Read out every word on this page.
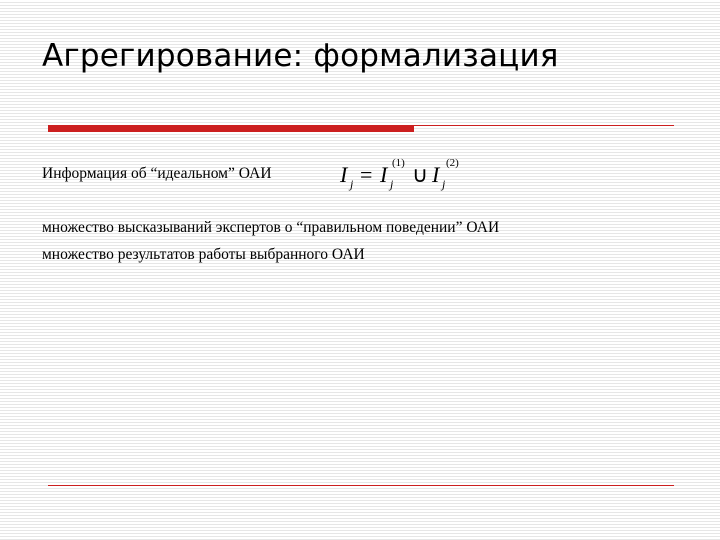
Агрегирование: формализация
Информация об “идеальном” ОАИ	I j = I j
(1) ∪ I j
(2)
множество высказываний экспертов о “правильном поведении” ОАИ
множество результатов работы выбранного ОАИ
